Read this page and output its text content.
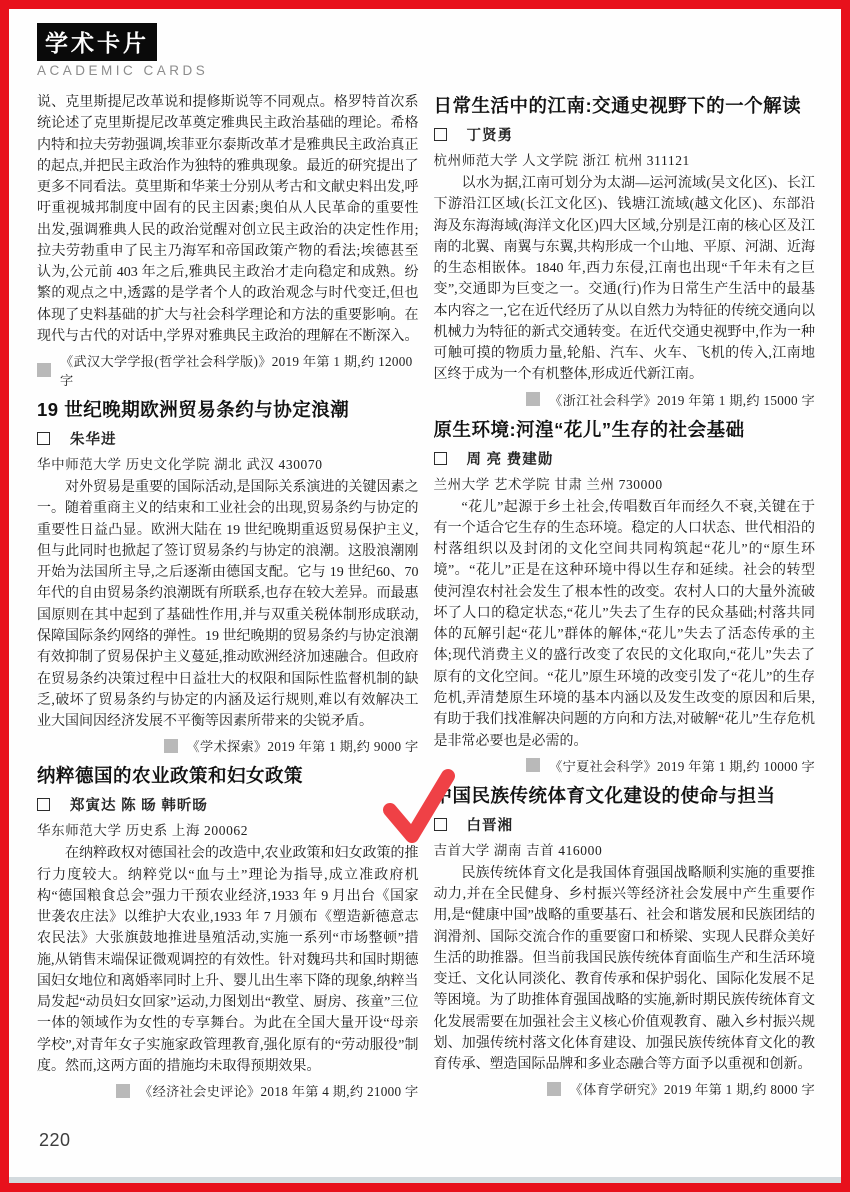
学术卡片
ACADEMIC CARDS

说、克里斯提尼改革说和提修斯说等不同观点。格罗特首次系统论述了克里斯提尼改革奠定雅典民主政治基础的理论。希格内特和拉夫劳勃强调,埃菲亚尔泰斯改革才是雅典民主政治真正的起点,并把民主政治作为独特的雅典现象。最近的研究提出了更多不同看法。莫里斯和华莱士分别从考古和文献史料出发,呼吁重视城邦制度中固有的民主因素;奥伯从人民革命的重要性出发,强调雅典人民的政治觉醒对创立民主政治的决定性作用;拉夫劳勃重申了民主乃海军和帝国政策产物的看法;埃德甚至认为,公元前 403 年之后,雅典民主政治才走向稳定和成熟。纷繁的观点之中,透露的是学者个人的政治观念与时代变迁,但也体现了史料基础的扩大与社会科学理论和方法的重要影响。在现代与古代的对话中,学界对雅典民主政治的理解在不断深入。

《武汉大学学报(哲学社会科学版)》2019 年第 1 期,约 12000 字
19 世纪晚期欧洲贸易条约与协定浪潮
朱华进
华中师范大学 历史文化学院 湖北 武汉 430070

对外贸易是重要的国际活动,是国际关系演进的关键因素之一。随着重商主义的结束和工业社会的出现,贸易条约与协定的重要性日益凸显。欧洲大陆在 19 世纪晚期重返贸易保护主义,但与此同时也掀起了签订贸易条约与协定的浪潮。这股浪潮刚开始为法国所主导,之后逐渐由德国支配。它与 19 世纪60、70 年代的自由贸易条约浪潮既有所联系,也存在较大差异。而最惠国原则在其中起到了基础性作用,并与双重关税体制形成联动,保障国际条约网络的弹性。19 世纪晚期的贸易条约与协定浪潮有效抑制了贸易保护主义蔓延,推动欧洲经济加速融合。但政府在贸易条约决策过程中日益壮大的权限和国际性监督机制的缺乏,破坏了贸易条约与协定的内涵及运行规则,难以有效解决工业大国间因经济发展不平衡等因素所带来的尖锐矛盾。

《学术探索》2019 年第 1 期,约 9000 字
纳粹德国的农业政策和妇女政策
郑寅达 陈 旸 韩昕旸
华东师范大学 历史系 上海 200062

在纳粹政权对德国社会的改造中,农业政策和妇女政策的推行力度较大。纳粹党以“血与土”理论为指导,成立准政府机构“德国粮食总会”强力干预农业经济,1933 年 9 月出台《国家世袭农庄法》以维护大农业,1933 年 7 月颁布《塑造新德意志农民法》大张旗鼓地推进垦殖活动,实施一系列“市场整顿”措施,从销售末端保证微观调控的有效性。针对魏玛共和国时期德国妇女地位和离婚率同时上升、婴儿出生率下降的现象,纳粹当局发起“动员妇女回家”运动,力图划出“教堂、厨房、孩童”三位一体的领域作为女性的专享舞台。为此在全国大量开设“母亲学校”,对青年女子实施家政管理教育,强化原有的“劳动服役”制度。然而,这两方面的措施均未取得预期效果。

《经济社会史评论》2018 年第 4 期,约 21000 字
日常生活中的江南:交通史视野下的一个解读
丁贤勇
杭州师范大学 人文学院 浙江 杭州 311121

以水为据,江南可划分为太湖—运河流域(吴文化区)、长江下游沿江区域(长江文化区)、钱塘江流域(越文化区)、东部沿海及东海海域(海洋文化区)四大区域,分别是江南的核心区及江南的北翼、南翼与东翼,共构形成一个山地、平原、河湖、近海的生态相嵌体。1840 年,西力东侵,江南也出现“千年未有之巨变”,交通即为巨变之一。交通(行)作为日常生产生活中的最基本内容之一,它在近代经历了从以自然力为特征的传统交通向以机械力为特征的新式交通转变。在近代交通史视野中,作为一种可触可摸的物质力量,轮船、汽车、火车、飞机的传入,江南地区终于成为一个有机整体,形成近代新江南。

《浙江社会科学》2019 年第 1 期,约 15000 字
原生环境:河湟“花儿”生存的社会基础
周 亮 费建勋
兰州大学 艺术学院 甘肃 兰州 730000

“花儿”起源于乡土社会,传唱数百年而经久不衰,关键在于有一个适合它生存的生态环境。稳定的人口状态、世代相沿的村落组织以及封闭的文化空间共同构筑起“花儿”的“原生环境”。“花儿”正是在这种环境中得以生存和延续。社会的转型使河湟农村社会发生了根本性的改变。农村人口的大量外流破坏了人口的稳定状态,“花儿”失去了生存的民众基础;村落共同体的瓦解引起“花儿”群体的解体,“花儿”失去了活态传承的主体;现代消费主义的盛行改变了农民的文化取向,“花儿”失去了原有的文化空间。“花儿”原生环境的改变引发了“花儿”的生存危机,弄清楚原生环境的基本内涵以及发生改变的原因和后果,有助于我们找准解决问题的方向和方法,对破解“花儿”生存危机是非常必要也是必需的。

《宁夏社会科学》2019 年第 1 期,约 10000 字
中国民族传统体育文化建设的使命与担当
白晋湘
吉首大学 湖南 吉首 416000

民族传统体育文化是我国体育强国战略顺利实施的重要推动力,并在全民健身、乡村振兴等经济社会发展中产生重要作用,是“健康中国”战略的重要基石、社会和谐发展和民族团结的润滑剂、国际交流合作的重要窗口和桥梁、实现人民群众美好生活的助推器。但当前我国民族传统体育面临生产和生活环境变迁、文化认同淡化、教育传承和保护弱化、国际化发展不足等困境。为了助推体育强国战略的实施,新时期民族传统体育文化发展需要在加强社会主义核心价值观教育、融入乡村振兴规划、加强传统村落文化体育建设、加强民族传统体育文化的教育传承、塑造国际品牌和多业态融合等方面予以重视和创新。

《体育学研究》2019 年第 1 期,约 8000 字
220
